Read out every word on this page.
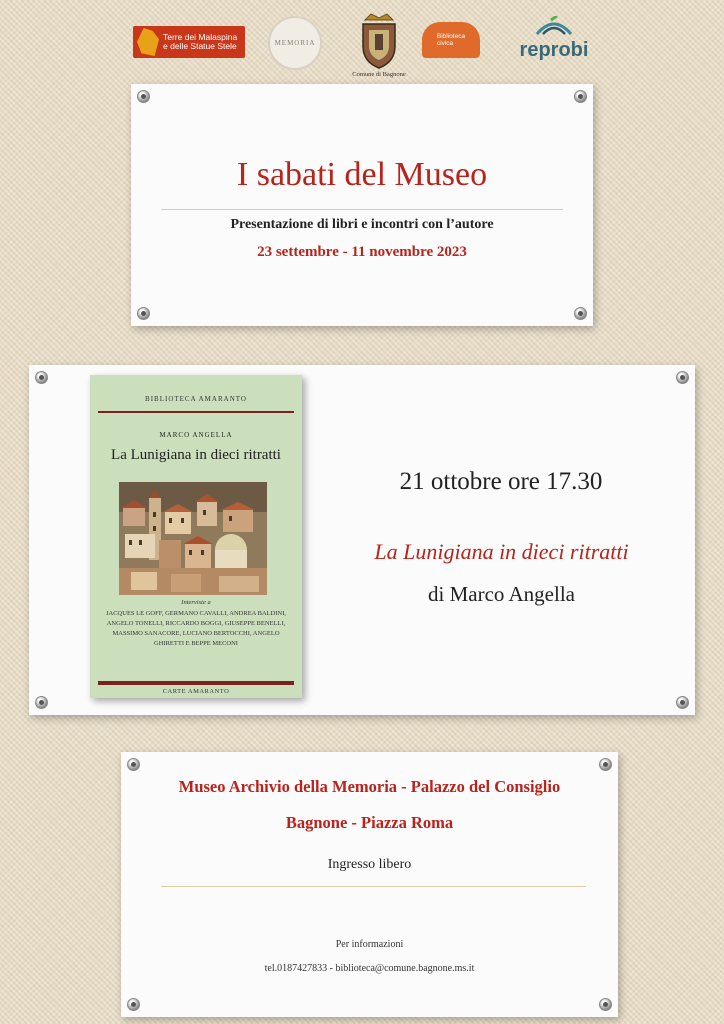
Terre dei Malaspina
e delle Statue Stele	MEMORIA
Comune di Bagnone
Biblioteca
civica	reprobi
I sabati del Museo
Presentazione di libri e incontri con l’autore
23 settembre - 11 novembre 2023
BIBLIOTECA AMARANTO
MARCO ANGELLA
La Lunigiana in dieci ritratti
Interviste a
JACQUES LE GOFF, GERMANO CAVALLI, ANDREA BALDINI, ANGELO TONELLI, RICCARDO BOGGI, GIUSEPPE BENELLI, MASSIMO SANACORE, LUCIANO BERTOCCHI, ANGELO GHIRETTI E BEPPE MECONI
CARTE AMARANTO
21 ottobre ore 17.30
La Lunigiana in dieci ritratti
di Marco Angella
Museo Archivio della Memoria - Palazzo del Consiglio
Bagnone - Piazza Roma
Ingresso libero
Per informazioni
tel.0187427833 - biblioteca@comune.bagnone.ms.it
